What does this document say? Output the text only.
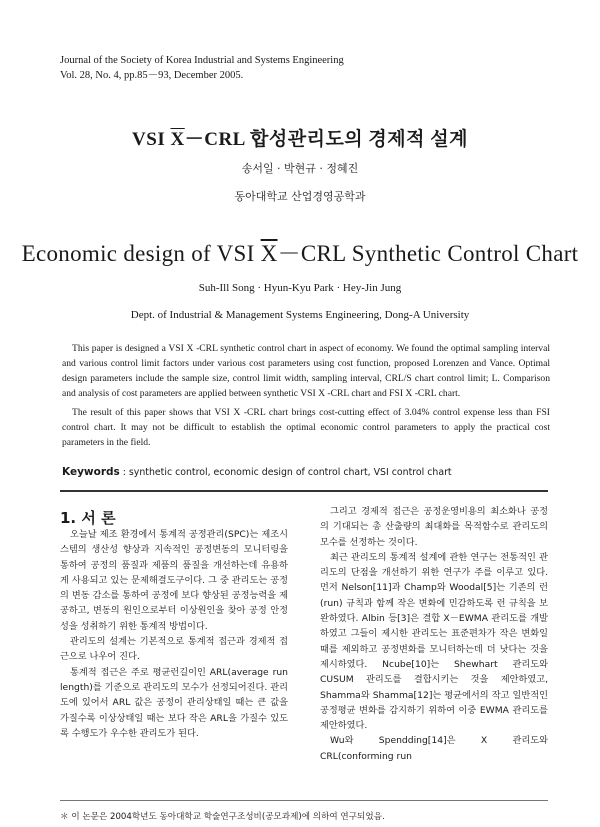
Journal of the Society of Korea Industrial and Systems Engineering
Vol. 28, No. 4, pp.85－93, December 2005.
VSI $\overline{X}-CRL$ 합성관리도의 경제적 설계
송서일 · 박현규 · 정혜진
동아대학교 산업경영공학과
Economic design of VSI $\overline{X}-CRL$ Synthetic Control Chart
Suh-Ill Song · Hyun-Kyu Park · Hey-Jin Jung
Dept. of Industrial & Management Systems Engineering, Dong-A University
This paper is designed a VSI X -CRL synthetic control chart in aspect of economy. We found the optimal sampling interval and various control limit factors under various cost parameters using cost function, proposed Lorenzen and Vance. Optimal design parameters include the sample size, control limit width, sampling interval, CRL/S chart control limit; L. Comparison and analysis of cost parameters are applied between synthetic VSI X -CRL chart and FSI X -CRL chart.
The result of this paper shows that VSI X -CRL chart brings cost-cutting effect of 3.04% control expense less than FSI control chart. It may not be difficult to establish the optimal economic control parameters to apply the practical cost parameters in the field.
Keywords : synthetic control, economic design of control chart, VSI control chart
1. 서 론

오늘날 제조 환경에서 통계적 공정관리(SPC)는 제조시스템의 생산성 향상과 지속적인 공정변동의 모니터링을 통하여 공정의 품질과 제품의 품질을 개선하는데 유용하게 사용되고 있는 문제해결도구이다. 그 중 관리도는 공정의 변동 감소를 통하여 공정에 보다 향상된 공정능력을 제공하고, 변동의 원인으로부터 이상원인을 찾아 공정 안정성을 성취하기 위한 통계적 방법이다.

관리도의 설계는 기본적으로 통계적 접근과 경제적 접근으로 나우어 진다.

통계적 접근은 주로 평균런길이인 ARL(average run length)를 기준으로 관리도의 모수가 선정되어진다. 관리도에 있어서 ARL 값은 공정이 관리상태일 때는 큰 값을 가질수록 이상상태일 때는 보다 작은 ARL을 가질수 있도록 수행도가 우수한 관리도가 된다.

그리고 경제적 접근은 공정운영비용의 최소화나 공정의 기대되는 총 산출량의 최대화를 목적함수로 관리도의 모수를 선정하는 것이다.

최근 관리도의 통계적 설계에 관한 연구는 전통적인 관리도의 단점을 개선하기 위한 연구가 주를 이루고 있다. 먼저 Nelson[11]과 Champ와 Woodal[5]는 기존의 런(run) 규칙과 함께 작은 변화에 민감하도록 런 규칙을 보완하였다. Albin 등[3]은 결합 X－EWMA 관리도를 개발하였고 그들이 제시한 관리도는 표준편차가 작은 변화일 때를 제외하고 공정변화를 모니터하는데 더 낫다는 것을 제시하였다. Ncube[10]는 Shewhart 관리도와 CUSUM 관리도를 결합시키는 것을 제안하였고, Shamma와 Shamma[12]는 평균에서의 작고 일반적인 공정평균 변화를 감지하기 위하여 이중 EWMA 관리도를 제안하였다.

Wu와 Spendding[14]은 X 관리도와 CRL(conforming run

＊ 이 논문은 2004학년도 동아대학교 학술연구조성비(공모과제)에 의하여 연구되었음.
